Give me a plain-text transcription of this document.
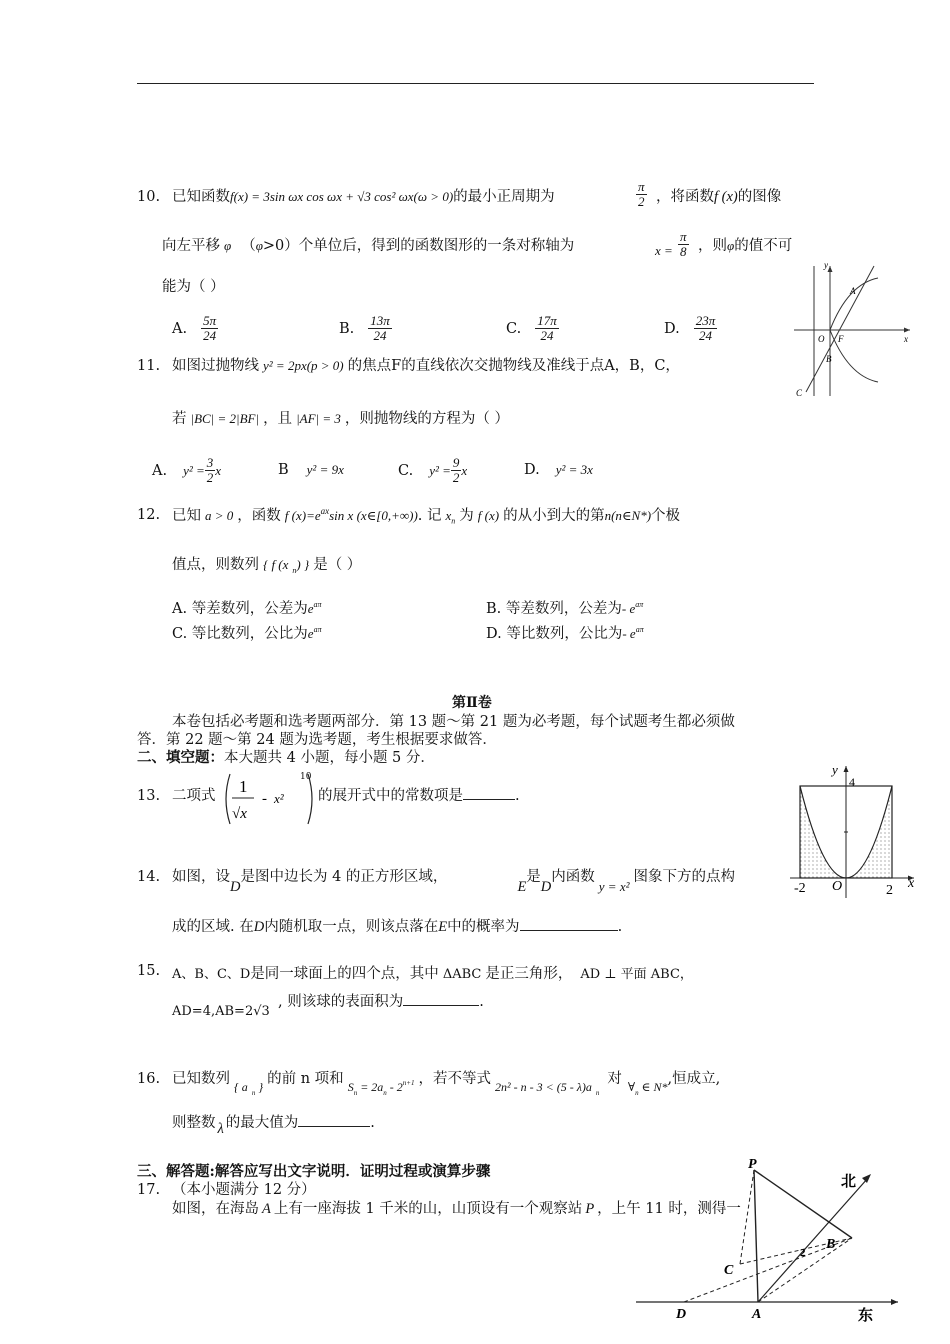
10. 已知函数f(x) = 3sin ωx cos ωx + √3 cos² ωx(ω > 0)的最小正周期为	$\frac{\pi}{2}$ ，将函数f (x)的图像
向左平移 φ （φ>0）个单位后，得到的函数图形的一条对称轴为	$x = \frac{\pi}{8}$ ，则φ的值不可
能为（ ）
A. $\frac{5\pi}{24}$	B. $\frac{13\pi}{24}$	C. $\frac{17\pi}{24}$	D. $\frac{23\pi}{24}$
11. 如图过抛物线 y² = 2px(p > 0) 的焦点F的直线依次交抛物线及准线于点A，B，C，
若 |BC| = 2|BF| ，且 |AF| = 3 ，则抛物线的方程为（ ）
A. $y^2 = \frac{3}{2}$ x	B y² = 9x	C. $y^2 = \frac{9}{2}$ x	D. y² = 3x
y
x
O F
A
B
C
12. 已知 a > 0 ，函数 f $(x)=e^{ax}\sin$ x (x∈[0,+∞)). 记 $x_n$ 为 f (x) 的从小到大的第n(n∈N*)个极
值点，则数列 { f (x $_n$) } 是（ ）
A. 等差数列，公差为$e^{a\pi}$	B. 等差数列，公差为- $e^{a\pi}$
C. 等比数列，公比为$e^{a\pi}$	D. 等比数列，公比为- $e^{a\pi}$
第Ⅱ卷
本卷包括必考题和选考题两部分．第 13 题～第 21 题为必考题，每个试题考生都必须做
答．第 22 题～第 24 题为选考题，考生根据要求做答．
二、填空题：本大题共 4 小题，每小题 5 分．
13. 二项式 1
√x
- x²
10
的展开式中的常数项是	.
14. 如图，设D是图中边长为 4 的正方形区域，E是D内函数y = x²图象下方的点构
成的区域. 在D内随机取一点，则该点落在E中的概率为	.
y
4
x
-2 O	2
15. A、B、C、D是同一球面上的四个点，其中 ΔABC 是正三角形， AD ⊥ 平面 ABC，
AD=4,AB=2√3
, 则该球的表面积为	.
16. 已知数列 $_{\{ a}$ $_n$ $_{\}}$ 的前 n 项和 $_{Sn}$ $_{= 2an}$ $_{- 2}^{n+1}$ ，若不等式 $_{2n^2 - n - 3 < (5 - \lambda)a}$ $_n$对 $_{\forall n}$ $_{\in N*}$,恒成立,
则整数 λ 的最大值为	.
三、解答题:解答应写出文字说明．证明过程或演算步骤
17. （本小题满分 12 分）
如图，在海岛 A 上有一座海拔 1 千米的山，山顶设有一个观察站 P ，上午 11 时，测得一
P
北
B
C
2
D	A	东
